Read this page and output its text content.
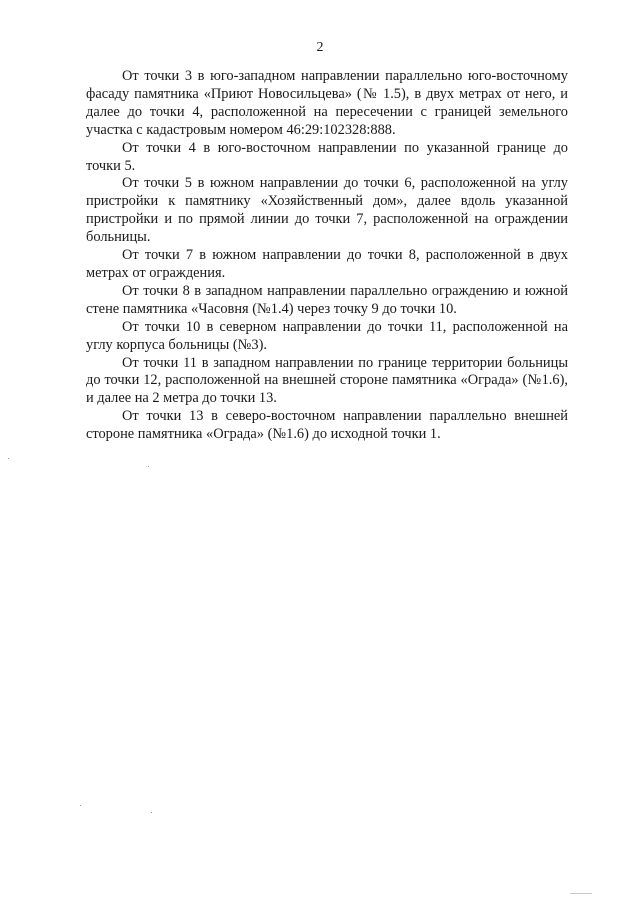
2

От точки 3 в юго-западном направлении параллельно юго-восточному фасаду памятника «Приют Новосильцева» (№ 1.5), в двух метрах от него, и далее до точки 4, расположенной на пересечении с границей земельного участка с кадастровым номером 46:29:102328:888.

От точки 4 в юго-восточном направлении по указанной границе до точки 5.

От точки 5 в южном направлении до точки 6, расположенной на углу пристройки к памятнику «Хозяйственный дом», далее вдоль указанной пристройки и по прямой линии до точки 7, расположенной на ограждении больницы.

От точки 7 в южном направлении до точки 8, расположенной в двух метрах от ограждения.

От точки 8 в западном направлении параллельно ограждению и южной стене памятника «Часовня (№1.4) через точку 9 до точки 10.

От точки 10 в северном направлении до точки 11, расположенной на углу корпуса больницы (№3).

От точки 11 в западном направлении по границе территории больницы до точки 12, расположенной на внешней стороне памятника «Ограда» (№1.6), и далее на 2 метра до точки 13.

От точки 13 в северо-восточном направлении параллельно внешней стороне памятника «Ограда» (№1.6) до исходной точки 1.
